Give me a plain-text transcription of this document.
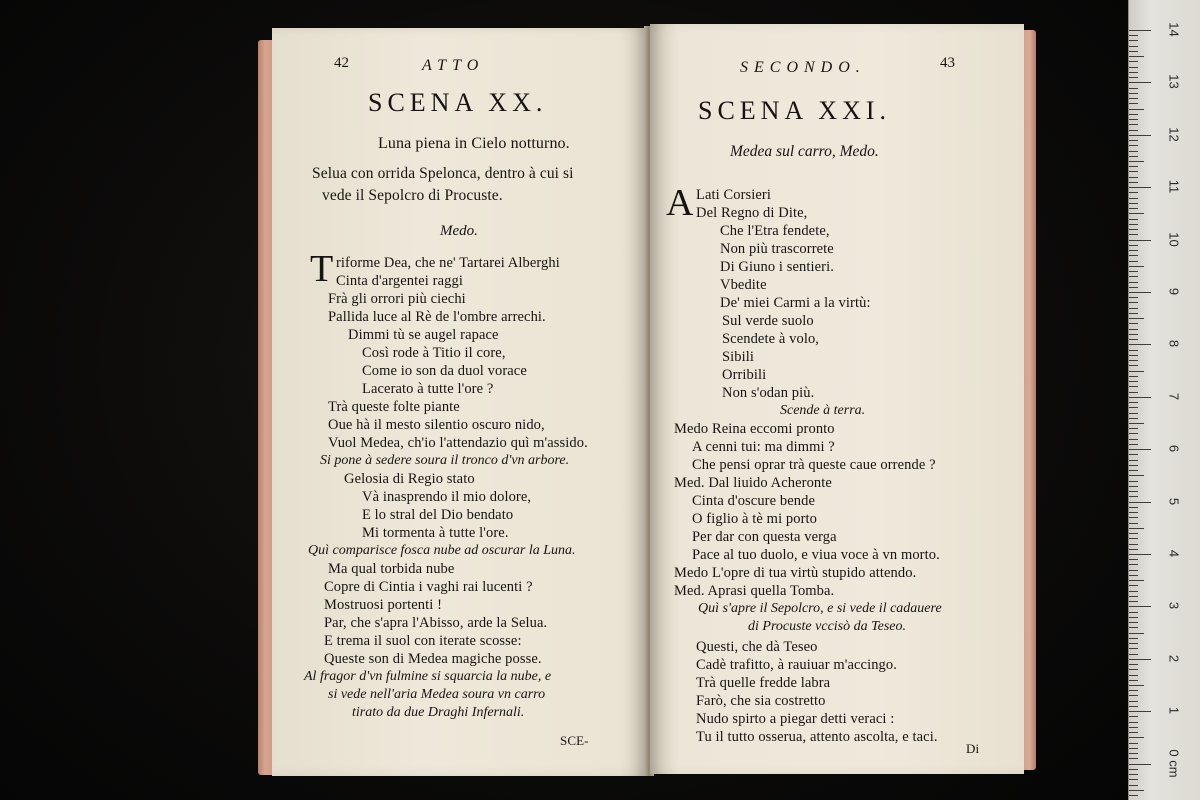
42	ATTO
SCENA XX.
Luna piena in Cielo notturno.
Selua con orrida Spelonca, dentro à cui si
vede il Sepolcro di Procuste.
Medo.
T riforme Dea, che ne' Tartarei Alberghi
Cinta d'argentei raggi
Frà gli orrori più ciechi
Pallida luce al Rè de l'ombre arrechi.
Dimmi tù se augel rapace
Così rode à Titio il core,
Come io son da duol vorace
Lacerato à tutte l'ore ?
Trà queste folte piante
Oue hà il mesto silentio oscuro nido,
Vuol Medea, ch'io l'attendazio quì m'assido.
Si pone à sedere soura il tronco d'vn arbore.
Gelosia di Regio stato
Và inasprendo il mio dolore,
E lo stral del Dio bendato
Mi tormenta à tutte l'ore.
Quì comparisce fosca nube ad oscurar la Luna.
Ma qual torbida nube
Copre di Cintia i vaghi rai lucenti ?
Mostruosi portenti !
Par, che s'apra l'Abisso, arde la Selua.
E trema il suol con iterate scosse:
Queste son di Medea magiche posse.
Al fragor d'vn fulmine si squarcia la nube, e
si vede nell'aria Medea soura vn carro
tirato da due Draghi Infernali.
SCE-
SECONDO.	43
SCENA XXI.
Medea sul carro, Medo.
A Lati Corsieri
Del Regno di Dite,
Che l'Etra fendete,
Non più trascorrete
Di Giuno i sentieri.
Vbedite
De' miei Carmi a la virtù:
Sul verde suolo
Scendete à volo,
Sibili
Orribili
Non s'odan più.
Scende à terra.
Medo Reina eccomi pronto
A cenni tui: ma dimmi ?
Che pensi oprar trà queste caue orrende ?
Med. Dal liuido Acheronte
Cinta d'oscure bende
O figlio à tè mi porto
Per dar con questa verga
Pace al tuo duolo, e viua voce à vn morto.
Medo L'opre di tua virtù stupido attendo.
Med. Aprasi quella Tomba.
Quì s'apre il Sepolcro, e si vede il cadauere
di Procuste vccisò da Teseo.
Questi, che dà Teseo
Cadè trafitto, à rauiuar m'accingo.
Trà quelle fredde labra
Farò, che sia costretto
Nudo spirto a piegar detti veraci :
Tu il tutto osserua, attento ascolta, e taci.
Di
14
13
12
11
10
9
8
7
6
5
4
3
2
1
0 cm
